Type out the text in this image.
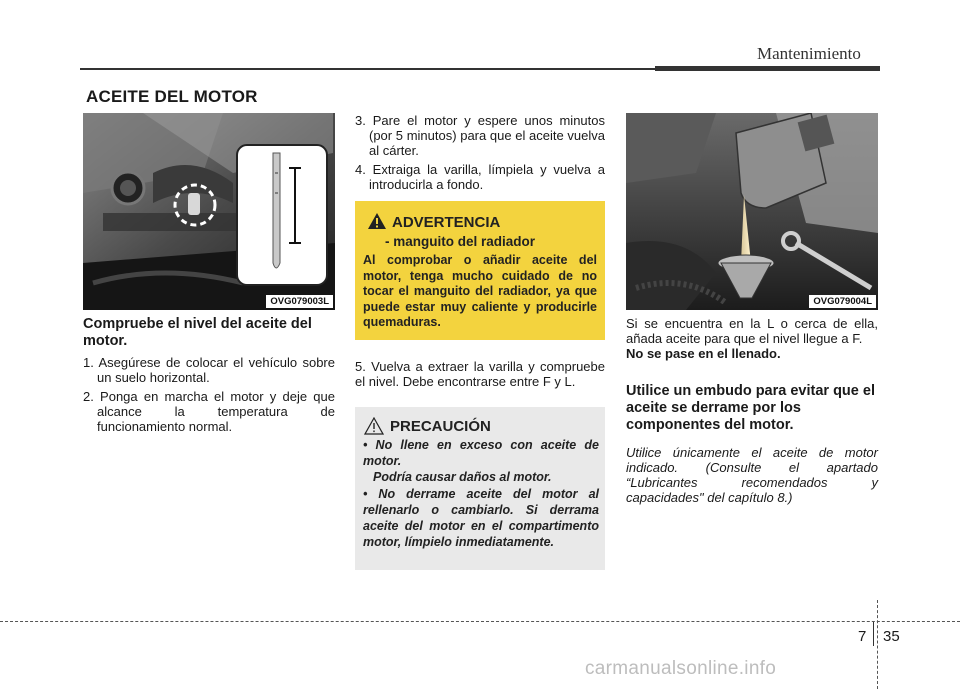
Mantenimiento
ACEITE DEL MOTOR
OVG079003L
Compruebe el nivel del aceite del motor.
1. Asegúrese de colocar el vehículo sobre un suelo horizontal.
2. Ponga en marcha el motor y deje que alcance la temperatura de funcionamiento normal.
3. Pare el motor y espere unos minutos (por 5 minutos) para que el aceite vuelva al cárter.
4. Extraiga la varilla, límpiela y vuelva a introducirla a fondo.
ADVERTENCIA
- manguito del radiador
Al comprobar o añadir aceite del motor, tenga mucho cuidado de no tocar el manguito del radiador, ya que puede estar muy caliente y producirle quemaduras.
5. Vuelva a extraer la varilla y compruebe el nivel. Debe encontrarse entre F y L.
PRECAUCIÓN
• No llene en exceso con aceite de motor.
Podría causar daños al motor.
• No derrame aceite del motor al rellenarlo o cambiarlo. Si derrama aceite del motor en el compartimento motor, límpielo inmediatamente.
OVG079004L
Si se encuentra en la L o cerca de ella, añada aceite para que el nivel llegue a F.
No se pase en el llenado.
Utilice un embudo para evitar que el aceite se derrame por los componentes del motor.
Utilice únicamente el aceite de motor indicado. (Consulte el apartado “Lubricantes recomendados y capacidades" del capítulo 8.)
7 35
carmanualsonline.info
